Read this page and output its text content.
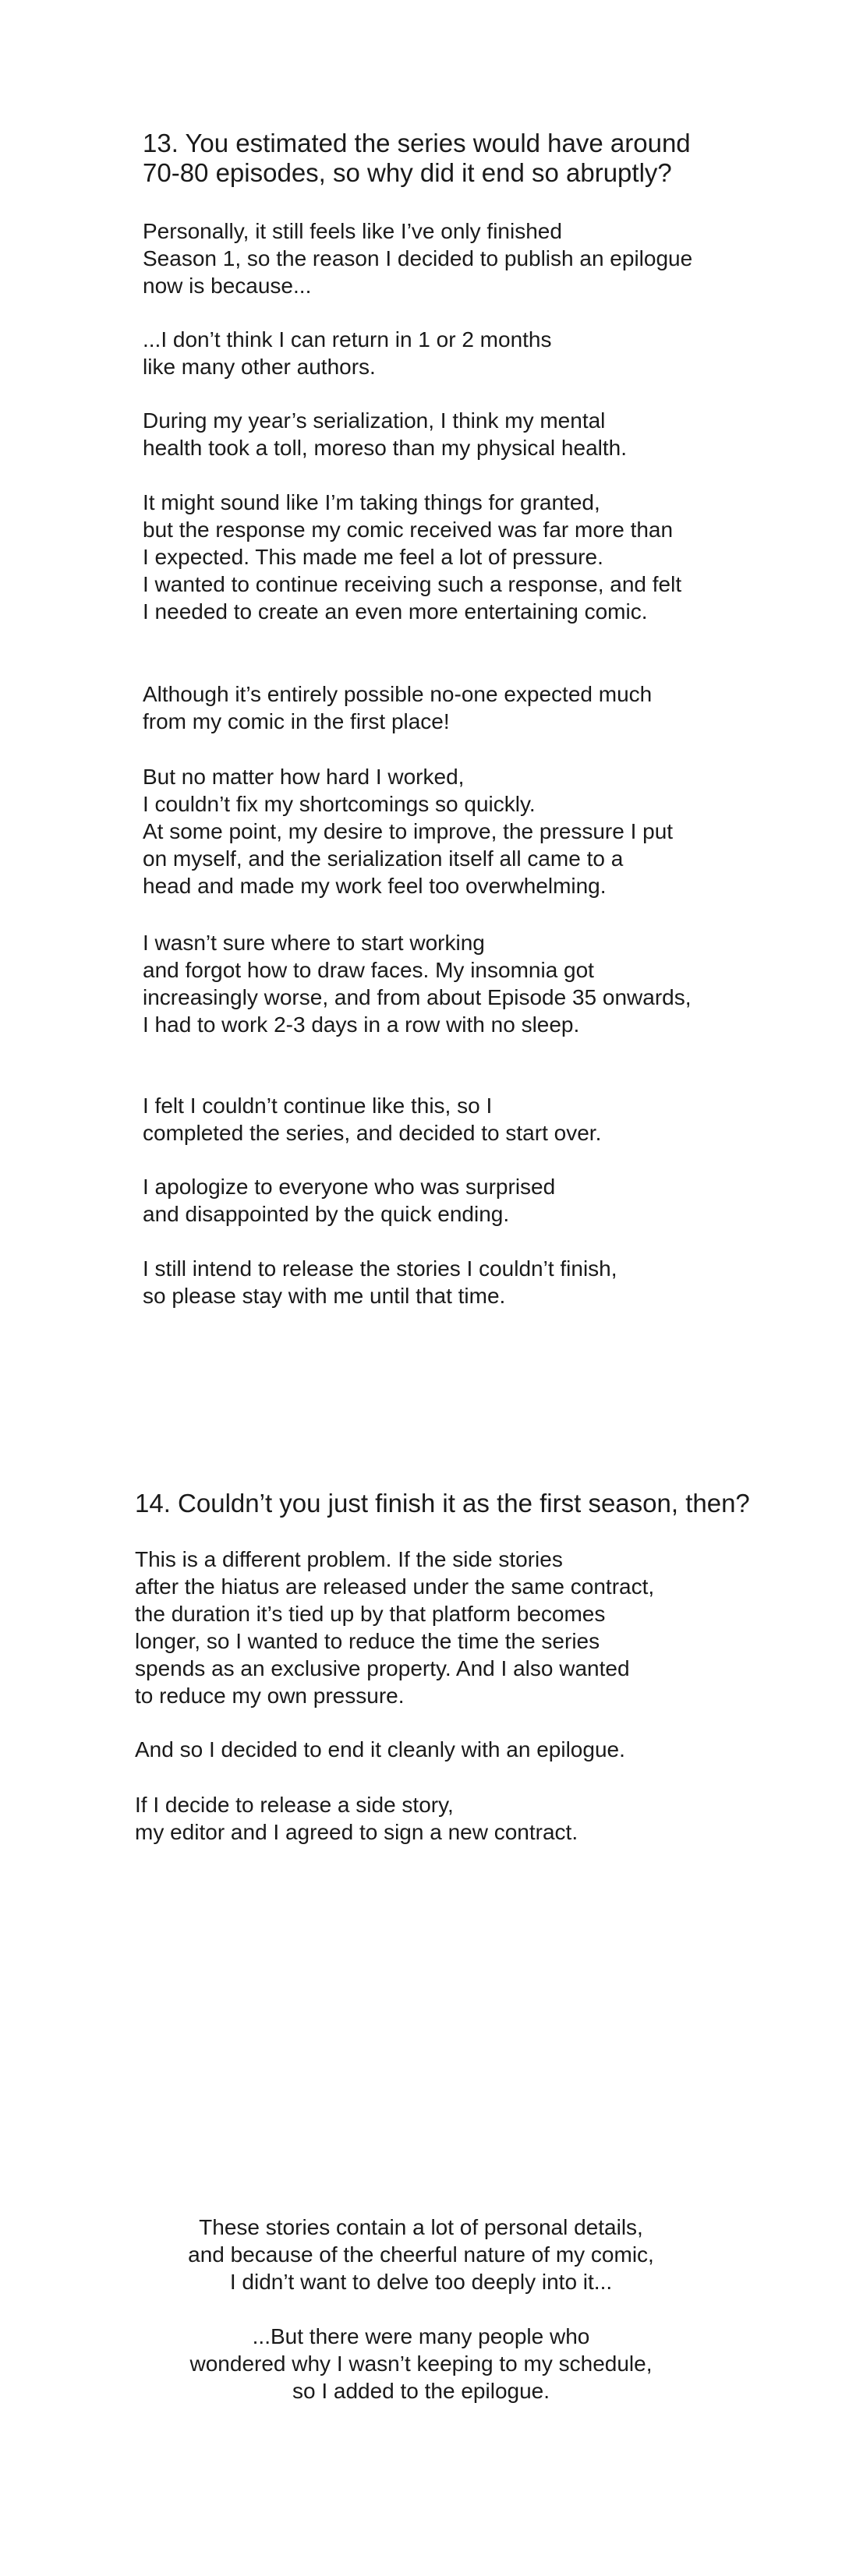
13. You estimated the series would have around
70-80 episodes, so why did it end so abruptly?
Personally, it still feels like I’ve only finished
Season 1, so the reason I decided to publish an epilogue
now is because...
...I don’t think I can return in 1 or 2 months
like many other authors.
During my year’s serialization, I think my mental
health took a toll, moreso than my physical health.
It might sound like I’m taking things for granted,
but the response my comic received was far more than
I expected. This made me feel a lot of pressure.
I wanted to continue receiving such a response, and felt
I needed to create an even more entertaining comic.
Although it’s entirely possible no-one expected much
from my comic in the first place!
But no matter how hard I worked,
I couldn’t fix my shortcomings so quickly.
At some point, my desire to improve, the pressure I put
on myself, and the serialization itself all came to a
head and made my work feel too overwhelming.
I wasn’t sure where to start working
and forgot how to draw faces. My insomnia got
increasingly worse, and from about Episode 35 onwards,
I had to work 2-3 days in a row with no sleep.
I felt I couldn’t continue like this, so I
completed the series, and decided to start over.
I apologize to everyone who was surprised
and disappointed by the quick ending.
I still intend to release the stories I couldn’t finish,
so please stay with me until that time.
14. Couldn’t you just finish it as the first season, then?
This is a different problem. If the side stories
after the hiatus are released under the same contract,
the duration it’s tied up by that platform becomes
longer, so I wanted to reduce the time the series
spends as an exclusive property. And I also wanted
to reduce my own pressure.
And so I decided to end it cleanly with an epilogue.
If I decide to release a side story,
my editor and I agreed to sign a new contract.
These stories contain a lot of personal details,
and because of the cheerful nature of my comic,
I didn’t want to delve too deeply into it...
...But there were many people who
wondered why I wasn’t keeping to my schedule,
so I added to the epilogue.
